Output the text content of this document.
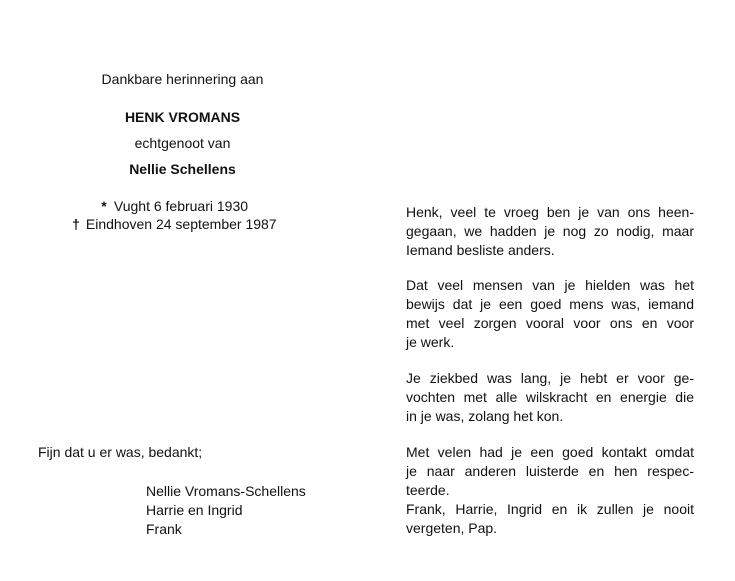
Dankbare herinnering aan
HENK VROMANS
echtgenoot van
Nellie Schellens
* Vught 6 februari 1930
† Eindhoven 24 september 1987
Henk, veel te vroeg ben je van ons heen-
gegaan, we hadden je nog zo nodig, maar
Iemand besliste anders.
Dat veel mensen van je hielden was het
bewijs dat je een goed mens was, iemand
met veel zorgen vooral voor ons en voor
je werk.
Je ziekbed was lang, je hebt er voor ge-
vochten met alle wilskracht en energie die
in je was, zolang het kon.
Met velen had je een goed kontakt omdat
je naar anderen luisterde en hen respec-
teerde.
Frank, Harrie, Ingrid en ik zullen je nooit
vergeten, Pap.
Fijn dat u er was, bedankt;
Nellie Vromans-Schellens
Harrie en Ingrid
Frank
